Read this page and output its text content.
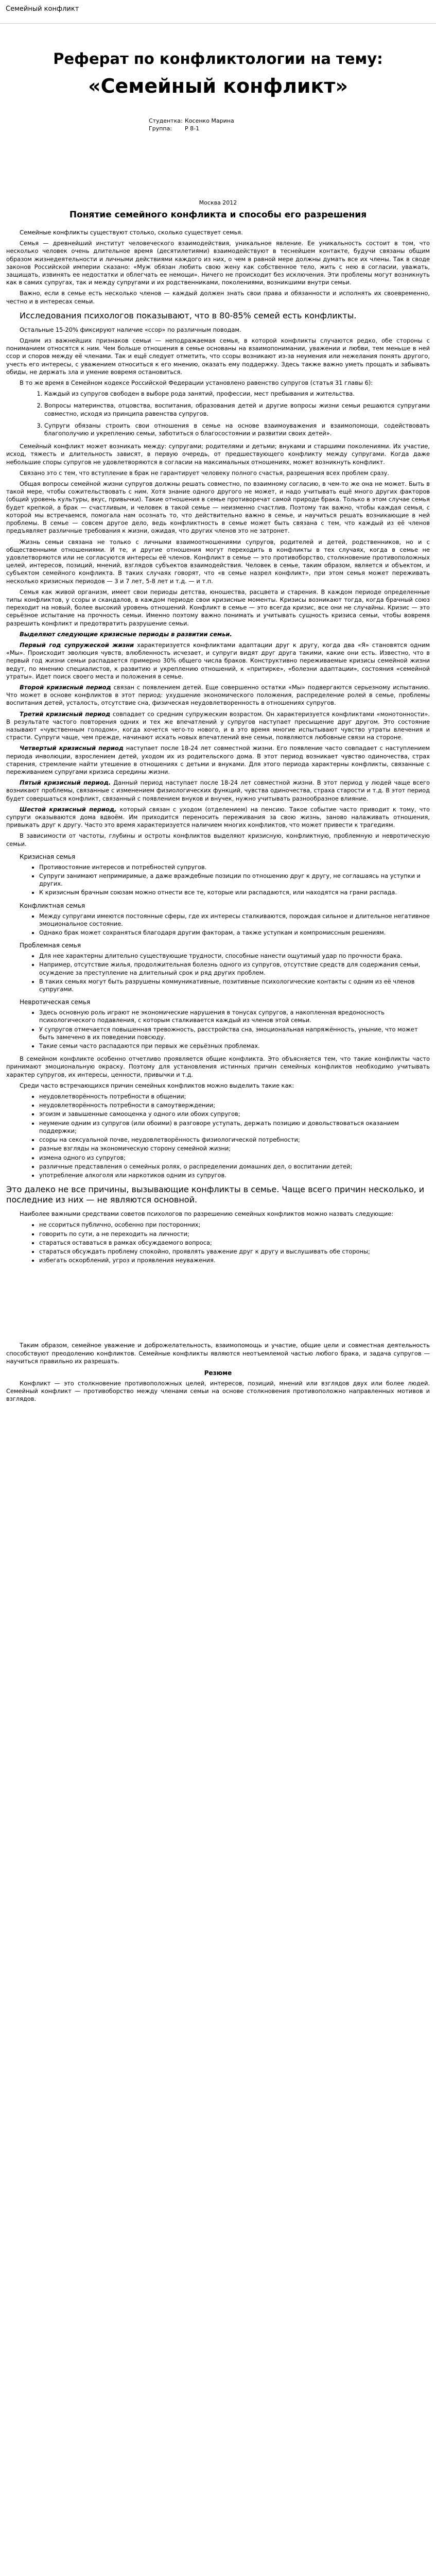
Семейный конфликт
Реферат по конфликтологии на тему:
«Семейный конфликт»
Студентка: Косенко Марина
Группа:	Р 8-1
Москва 2012
Понятие семейного конфликта и способы его разрешения

Семейные конфликты существуют столько, сколько существует семья.

Семья — древнейший институт человеческого взаимодействия, уникальное явление. Ее уникальность состоит в том, что несколько человек очень длительное время (десятилетиями) взаимодействуют в теснейшем контакте, будучи связаны общим образом жизнедеятельности и личными действиями каждого из них, о чем в равной мере должны думать все их члены. Так в своде законов Российской империи сказано: «Муж обязан любить свою жену как собственное тело, жить с нею в согласии, уважать, защищать, извинять ее недостатки и облегчать ее немощи». Ничего не происходит без исключения. Эти проблемы могут возникнуть как в самих супругах, так и между супругами и их родственниками, поколениями, возникшими внутри семьи.

Важно, если в семье есть несколько членов — каждый должен знать свои права и обязанности и исполнять их своевременно, честно и в интересах семьи.

Исследования психологов показывают, что в 80-85% семей есть конфликты.

Остальные 15-20% фиксируют наличие «ссор» по различным поводам.

Одним из важнейших признаков семьи — неподражаемая семья, в которой конфликты случаются редко, обе стороны с пониманием относятся к ним. Чем больше отношения в семье основаны на взаимопонимании, уважении и любви, тем меньше в ней ссор и споров между её членами. Так и ещё следует отметить, что ссоры возникают из-за неумения или нежелания понять другого, учесть его интересы, с уважением относиться к его мнению, оказать ему поддержку. Здесь также важно уметь прощать и забывать обиды, не держать зла и умение вовремя остановиться.

В то же время в Семейном кодексе Российской Федерации установлено равенство супругов (статья 31 главы 6):

1. Каждый из супругов свободен в выборе рода занятий, профессии, мест пребывания и жительства.
2. Вопросы материнства, отцовства, воспитания, образования детей и другие вопросы жизни семьи решаются супругами совместно, исходя из принципа равенства супругов.
3. Супруги обязаны строить свои отношения в семье на основе взаимоуважения и взаимопомощи, содействовать благополучию и укреплению семьи, заботиться о благосостоянии и развитии своих детей».

Семейный конфликт может возникать между: супругами; родителями и детьми; внуками и старшими поколениями. Их участие, исход, тяжесть и длительность зависят, в первую очередь, от предшествующего конфликту между супругами. Когда даже небольшие споры супругов не удовлетворяются в согласии на максимальных отношениях, может возникнуть конфликт.

Связано это с тем, что вступление в брак не гарантирует человеку полного счастья, разрешения всех проблем сразу.

Общая вопросы семейной жизни супругов должны решать совместно, по взаимному согласию, в чем-то же она не может. Быть в такой мере, чтобы сожительствовать с ним. Хотя знание одного другого не может, и надо учитывать ещё много других факторов (общий уровень культуры, вкус, привычки). Такие отношения в семье противоречат самой природе брака. Только в этом случае семья будет крепкой, а брак — счастливым, и человек в такой семье — неизменно счастлив. Поэтому так важно, чтобы каждая семья, с которой мы встречаемся, помогала нам осознать то, что действительно важно в семье, и научиться решать возникающие в ней проблемы. В семье — совсем другое дело, ведь конфликтность в семье может быть связана с тем, что каждый из её членов предъявляет различные требования к жизни, ожидая, что других членов это не затронет.

Жизнь семьи связана не только с личными взаимоотношениями супругов, родителей и детей, родственников, но и с общественными отношениями. И те, и другие отношения могут переходить в конфликты в тех случаях, когда в семье не удовлетворяются или не согласуются интересы её членов. Конфликт в семье — это противоборство, столкновение противоположных целей, интересов, позиций, мнений, взглядов субъектов взаимодействия. Человек в семье, таким образом, является и объектом, и субъектом семейного конфликта. В таких случаях говорят, что «в семье назрел конфликт», при этом семья может переживать несколько кризисных периодов — 3 и 7 лет, 5-8 лет и т.д. — и т.п.

Семья как живой организм, имеет свои периоды детства, юношества, расцвета и старения. В каждом периоде определенные типы конфликтов, у ссоры и скандалов, в каждом периоде свои кризисные моменты. Кризисы возникают тогда, когда брачный союз переходит на новый, более высокий уровень отношений. Конфликт в семье — это всегда кризис, все они не случайны. Кризис — это серьёзное испытание на прочность семьи. Именно поэтому важно понимать и учитывать сущность кризиса семьи, чтобы вовремя разрешить конфликт и предотвратить разрушение семьи.

Выделяют следующие кризисные периоды в развитии семьи.

Первый год супружеской жизни характеризуется конфликтами адаптации друг к другу, когда два «Я» становятся одним «Мы». Происходит эволюция чувств, влюбленность исчезает, и супруги видят друг друга такими, какие они есть. Известно, что в первый год жизни семьи распадается примерно 30% общего числа браков. Конструктивно переживаемые кризисы семейной жизни ведут, по мнению специалистов, к развитию и укреплению отношений, к «притирке», «болезни адаптации», состояния «семейной утраты». Идет поиск своего места и положения в семье.

Второй кризисный период связан с появлением детей. Еще совершенно остатки «Мы» подвергаются серьезному испытанию. Что может в основе конфликтов в этот период: ухудшение экономического положения, распределение ролей в семье, проблемы воспитания детей, усталость, отсутствие сна, физическая неудовлетворенность в отношениях супругов.

Третий кризисный период совпадает со средним супружеским возрастом. Он характеризуется конфликтами «монотонности». В результате частого повторения одних и тех же впечатлений у супругов наступает пресыщение друг другом. Это состояние называют «чувственным голодом», когда хочется чего-то нового, и в это время многие испытывают чувство утраты влечения и страсти. Супруги чаще, чем прежде, начинают искать новых впечатлений вне семьи, появляются любовные связи на стороне.

Четвертый кризисный период наступает после 18-24 лет совместной жизни. Его появление часто совпадает с наступлением периода инволюции, взрослением детей, уходом их из родительского дома. В этот период возникает чувство одиночества, страх старения, стремление найти утешение в отношениях с детьми и внуками. Для этого периода характерны конфликты, связанные с переживанием супругами кризиса середины жизни.

Пятый кризисный период. Данный период наступает после 18-24 лет совместной жизни. В этот период у людей чаще всего возникают проблемы, связанные с изменением физиологических функций, чувства одиночества, страха старости и т.д. В этот период будет совершаться конфликт, связанный с появлением внуков и внучек, нужно учитывать разнообразное влияние.

Шестой кризисный период, который связан с уходом (отделением) на пенсию. Такое событие часто приводит к тому, что супруги оказываются дома вдвоём. Им приходится переносить переживания за свою жизнь, заново налаживать отношения, привыкать друг к другу. Часто это время характеризуется наличием многих конфликтов, что может привести к трагедиям.

В зависимости от частоты, глубины и остроты конфликтов выделяют кризисную, конфликтную, проблемную и невротическую семьи.

Кризисная семья
• Противостояние интересов и потребностей супругов.
• Супруги занимают непримиримые, а даже враждебные позиции по отношению друг к другу, не соглашаясь на уступки и других.
• К кризисным брачным союзам можно отнести все те, которые или распадаются, или находятся на грани распада.
Конфликтная семья
• Между супругами имеются постоянные сферы, где их интересы сталкиваются, порождая сильное и длительное негативное эмоциональное состояние.
• Однако брак может сохраняться благодаря другим факторам, а также уступкам и компромиссным решениям.
Проблемная семья
• Для нее характерны длительно существующие трудности, способные нанести ощутимый удар по прочности брака.
• Например, отсутствие жилья, продолжительная болезнь одного из супругов, отсутствие средств для содержания семьи, осуждение за преступление на длительный срок и ряд других проблем.
• В таких семьях могут быть разрушены коммуникативные, позитивные психологические контакты с одним из её членов супругами.
Невротическая семья
• Здесь основную роль играют не экономические нарушения в тонусах супругов, а накопленная вредоносность психологического подавления, с которым сталкивается каждый из членов этой семьи.
• У супругов отмечается повышенная тревожность, расстройства сна, эмоциональная напряжённость, уныние, что может быть замечено в их поведении повсюду.
• Такие семьи часто распадаются при первых же серьёзных проблемах.

В семейном конфликте особенно отчетливо проявляется общие конфликта. Это объясняется тем, что такие конфликты часто принимают эмоциональную окраску. Поэтому для установления истинных причин семейных конфликтов необходимо учитывать характер супругов, их интересы, ценности, привычки и т.д.

Среди часто встречающихся причин семейных конфликтов можно выделить такие как:

• неудовлетворённость потребности в общении;
• неудовлетворённость потребности в самоутверждении;
• эгоизм и завышенные самооценка у одного или обоих супругов;
• неумение одним из супругов (или обоими) в разговоре уступать, держать позицию и довольствоваться оказанием поддержки;
• ссоры на сексуальной почве, неудовлетворённость физиологической потребности;
• разные взгляды на экономическую сторону семейной жизни;
• измена одного из супругов;
• различные представления о семейных ролях, о распределении домашних дел, о воспитании детей;
• употребление алкоголя или наркотиков одним из супругов.
Это далеко не все причины, вызывающие конфликты в семье. Чаще всего причин несколько, и последние из них — не являются основной.

Наиболее важными средствами советов психологов по разрешению семейных конфликтов можно назвать следующие:

• не ссориться публично, особенно при посторонних;
• говорить по сути, а не переходить на личности;
• стараться оставаться в рамках обсуждаемого вопроса;
• стараться обсуждать проблему спокойно, проявлять уважение друг к другу и выслушивать обе стороны;
• избегать оскорблений, угроз и проявления неуважения.

Таким образом, семейное уважение и доброжелательность, взаимопомощь и участие, общие цели и совместная деятельность способствуют преодолению конфликтов. Семейные конфликты являются неотъемлемой частью любого брака, и задача супругов — научиться правильно их разрешать.

Резюме

Конфликт — это столкновение противоположных целей, интересов, позиций, мнений или взглядов двух или более людей. Семейный конфликт — противоборство между членами семьи на основе столкновения противоположно направленных мотивов и взглядов.
